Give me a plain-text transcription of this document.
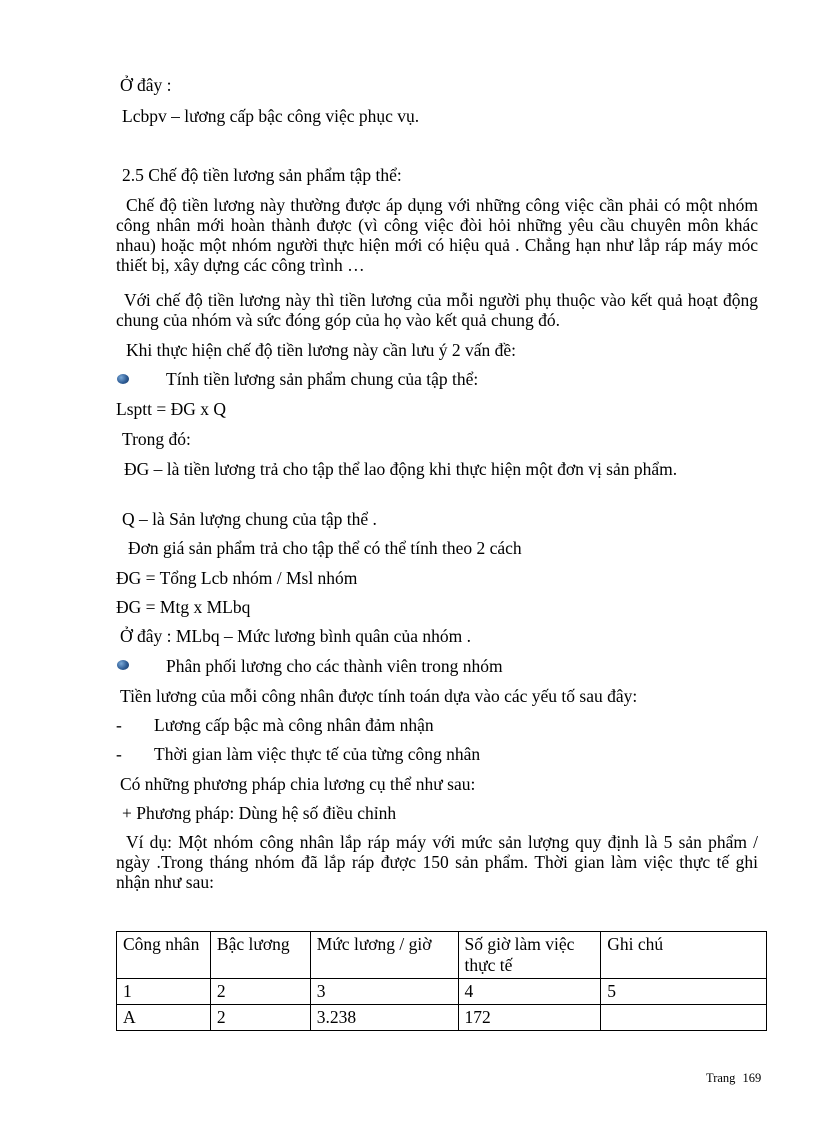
Ở đây :
Lcbpv – lương cấp bậc công việc phục vụ.
2.5 Chế độ tiền lương sản phẩm tập thể:
Chế độ tiền lương này thường được áp dụng với những công việc cần phải có một nhóm công nhân mới hoàn thành được (vì công việc đòi hỏi những yêu cầu chuyên môn khác nhau) hoặc một nhóm người thực hiện mới có hiệu quả . Chẳng hạn như lắp ráp máy móc thiết bị, xây dựng các công trình …
Với chế độ tiền lương này thì tiền lương của mỗi người phụ thuộc vào kết quả hoạt động chung của nhóm và sức đóng góp của họ vào kết quả chung đó.
Khi thực hiện chế độ tiền lương này cần lưu ý 2 vấn đề:
Tính tiền lương sản phẩm chung của tập thể:
Lsptt = ĐG x Q
Trong đó:
ĐG – là tiền lương trả cho tập thể lao động khi thực hiện một đơn vị sản phẩm.
Q – là Sản lượng chung của tập thể .
Đơn giá sản phẩm trả cho tập thể có thể tính theo 2 cách
ĐG = Tổng Lcb nhóm / Msl nhóm
ĐG = Mtg x MLbq
Ở đây : MLbq – Mức lương bình quân của nhóm .
Phân phối lương cho các thành viên trong nhóm
Tiền lương của mỗi công nhân được tính toán dựa vào các yếu tố sau đây:
- Lương cấp bậc mà công nhân đảm nhận
- Thời gian làm việc thực tế của từng công nhân
Có những phương pháp chia lương cụ thể như sau:
+ Phương pháp: Dùng hệ số điều chỉnh
Ví dụ: Một nhóm công nhân lắp ráp máy với mức sản lượng quy định là 5 sản phẩm / ngày .Trong tháng nhóm đã lắp ráp được 150 sản phẩm. Thời gian làm việc thực tế ghi nhận như sau:
Công nhân	Bậc lương	Mức lương / giờ	Số giờ làm việc thực tế	Ghi chú
1	2	3	4	5
A	2	3.238	172	
Trang 169
